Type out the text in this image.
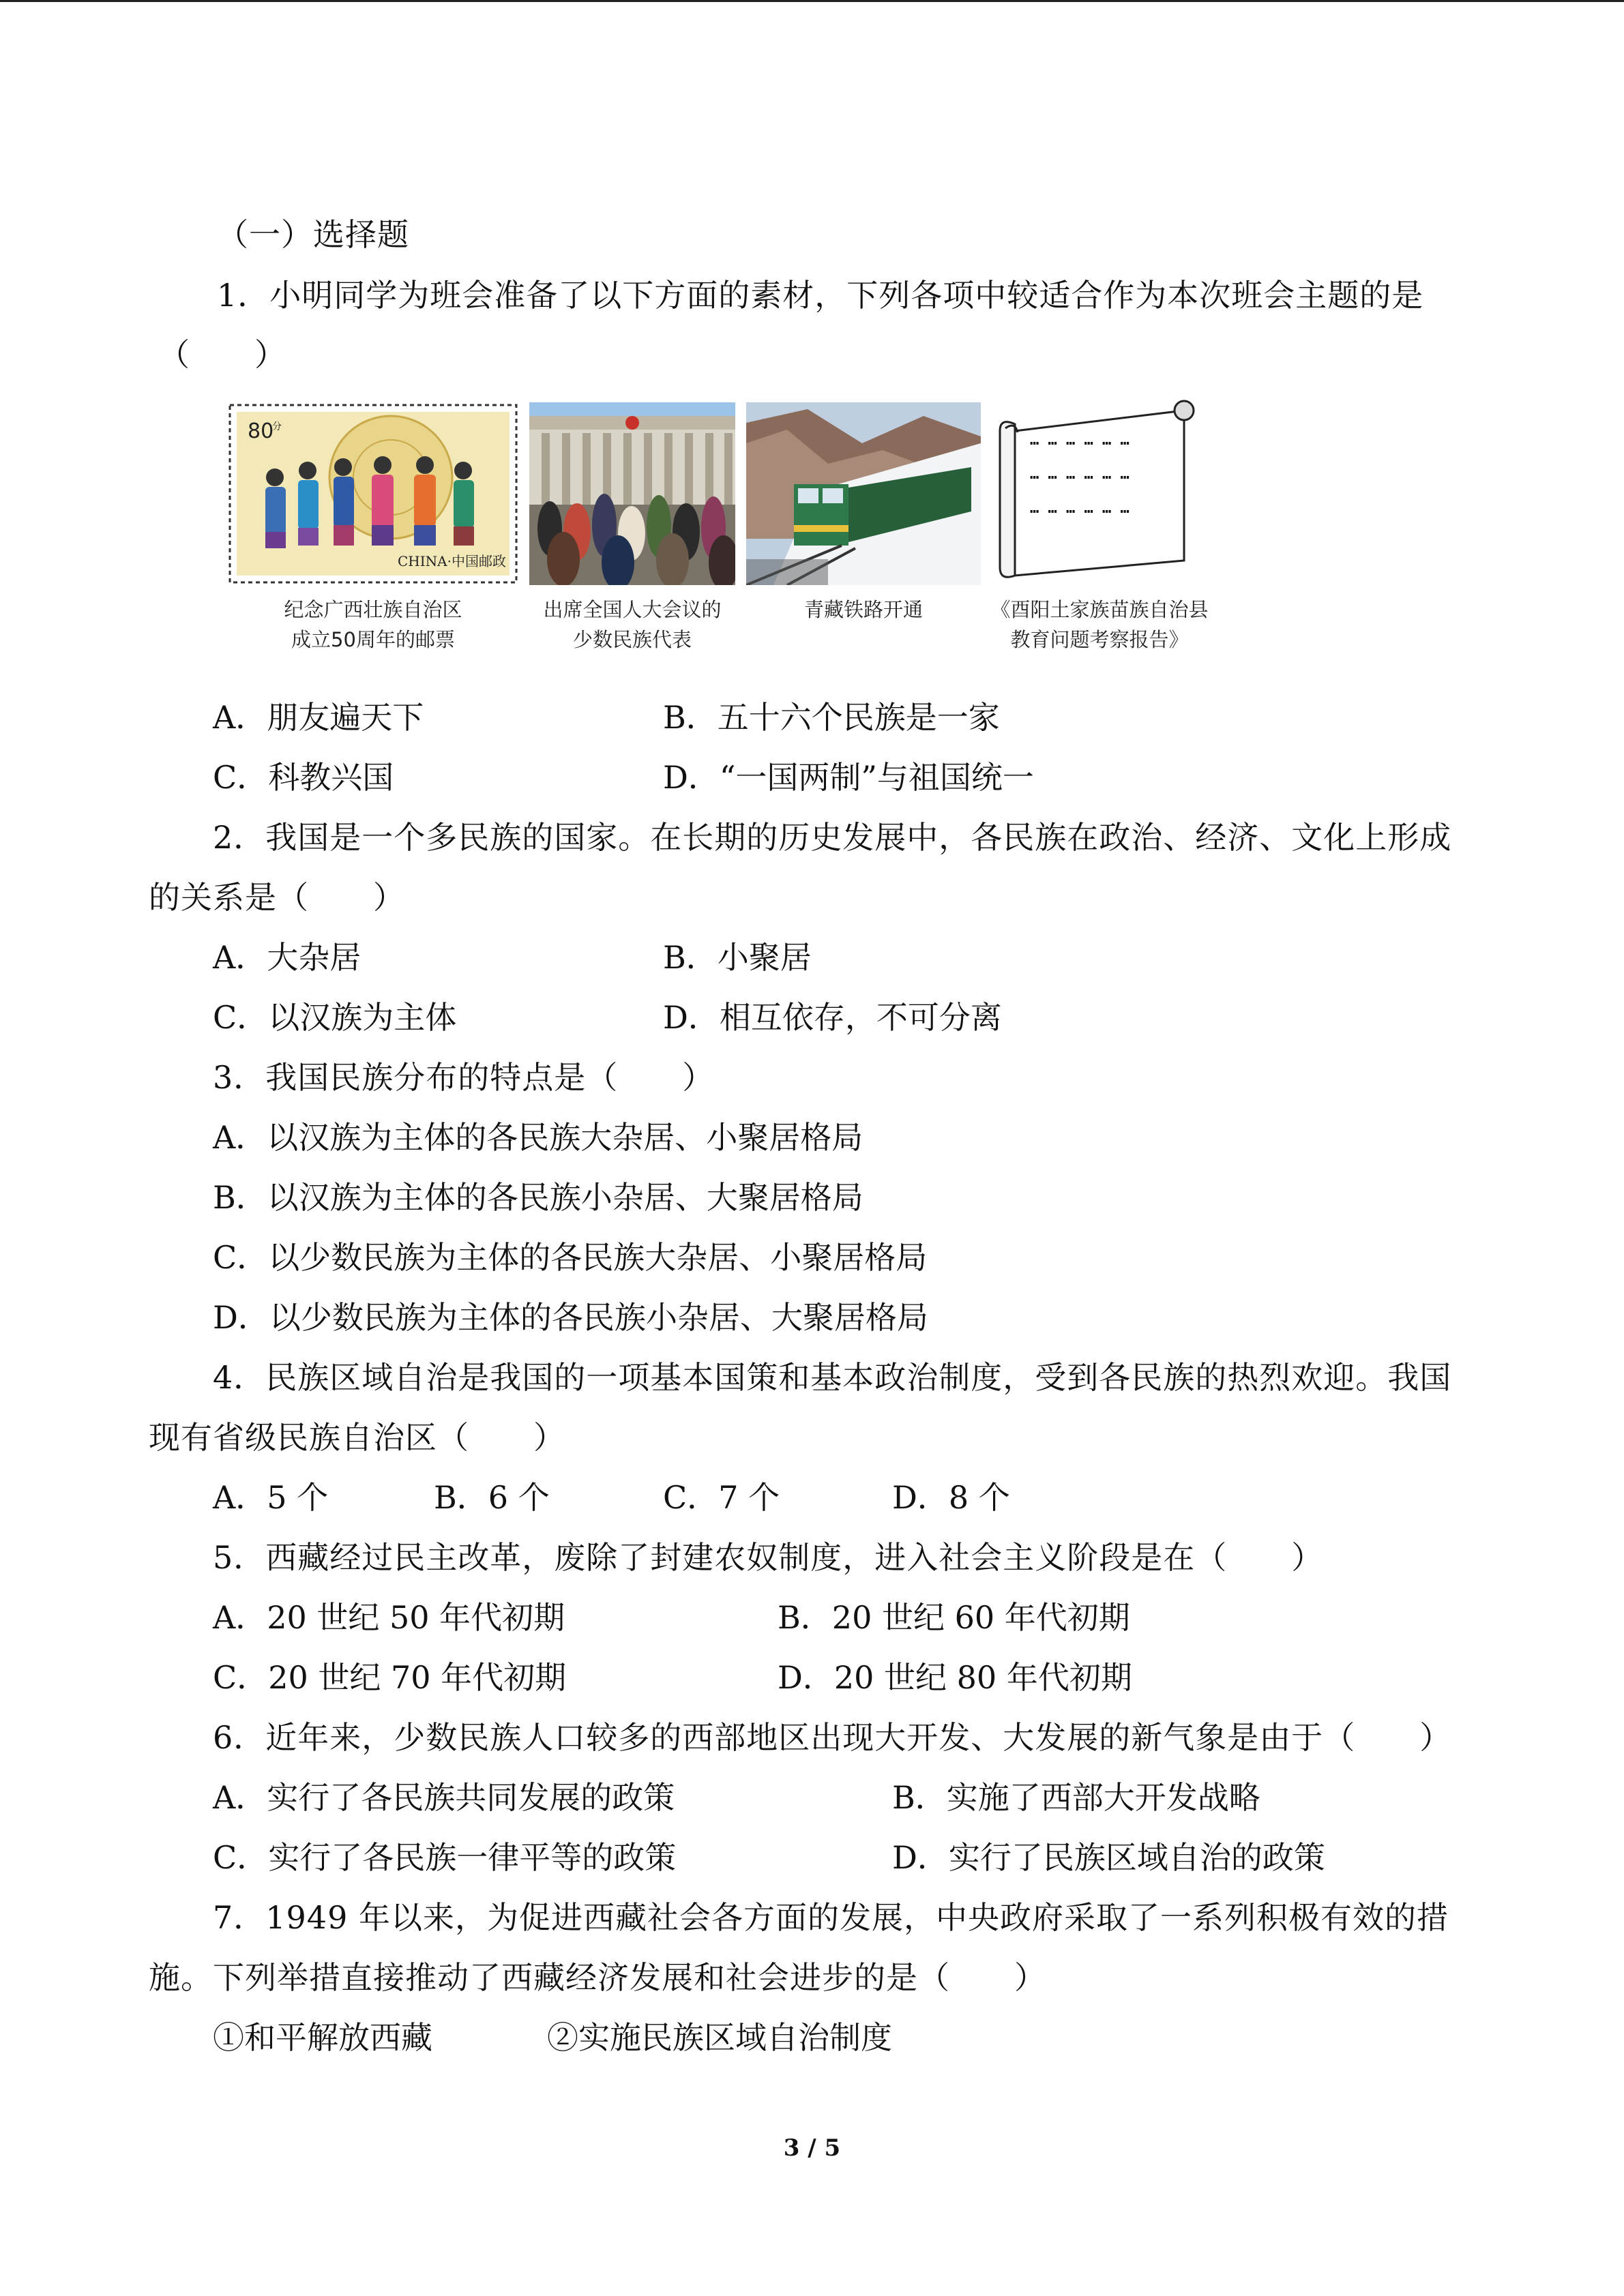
（一）选择题
1．小明同学为班会准备了以下方面的素材，下列各项中较适合作为本次班会主题的是
（　　）
80
分
CHINA·中国邮政
… … … … … …
… … … … … …
… … … … … …
纪念广西壮族自治区
成立50周年的邮票
出席全国人大会议的
少数民族代表
青藏铁路开通	《酉阳土家族苗族自治县
教育问题考察报告》
A．朋友遍天下	B．五十六个民族是一家
C．科教兴国	D．“一国两制”与祖国统一
2．我国是一个多民族的国家。在长期的历史发展中，各民族在政治、经济、文化上形成
的关系是（　　）
A．大杂居	B．小聚居
C．以汉族为主体	D．相互依存，不可分离
3．我国民族分布的特点是（　　）
A．以汉族为主体的各民族大杂居、小聚居格局
B．以汉族为主体的各民族小杂居、大聚居格局
C．以少数民族为主体的各民族大杂居、小聚居格局
D．以少数民族为主体的各民族小杂居、大聚居格局
4．民族区域自治是我国的一项基本国策和基本政治制度，受到各民族的热烈欢迎。我国
现有省级民族自治区（　　）
A．5 个	B．6 个	C．7 个	D．8 个
5．西藏经过民主改革，废除了封建农奴制度，进入社会主义阶段是在（　　）
A．20 世纪 50 年代初期	B．20 世纪 60 年代初期
C．20 世纪 70 年代初期	D．20 世纪 80 年代初期
6．近年来，少数民族人口较多的西部地区出现大开发、大发展的新气象是由于（　　）
A．实行了各民族共同发展的政策	B．实施了西部大开发战略
C．实行了各民族一律平等的政策	D．实行了民族区域自治的政策
7．1949 年以来，为促进西藏社会各方面的发展，中央政府采取了一系列积极有效的措
施。下列举措直接推动了西藏经济发展和社会进步的是（　　）
①和平解放西藏	②实施民族区域自治制度
3 / 5
